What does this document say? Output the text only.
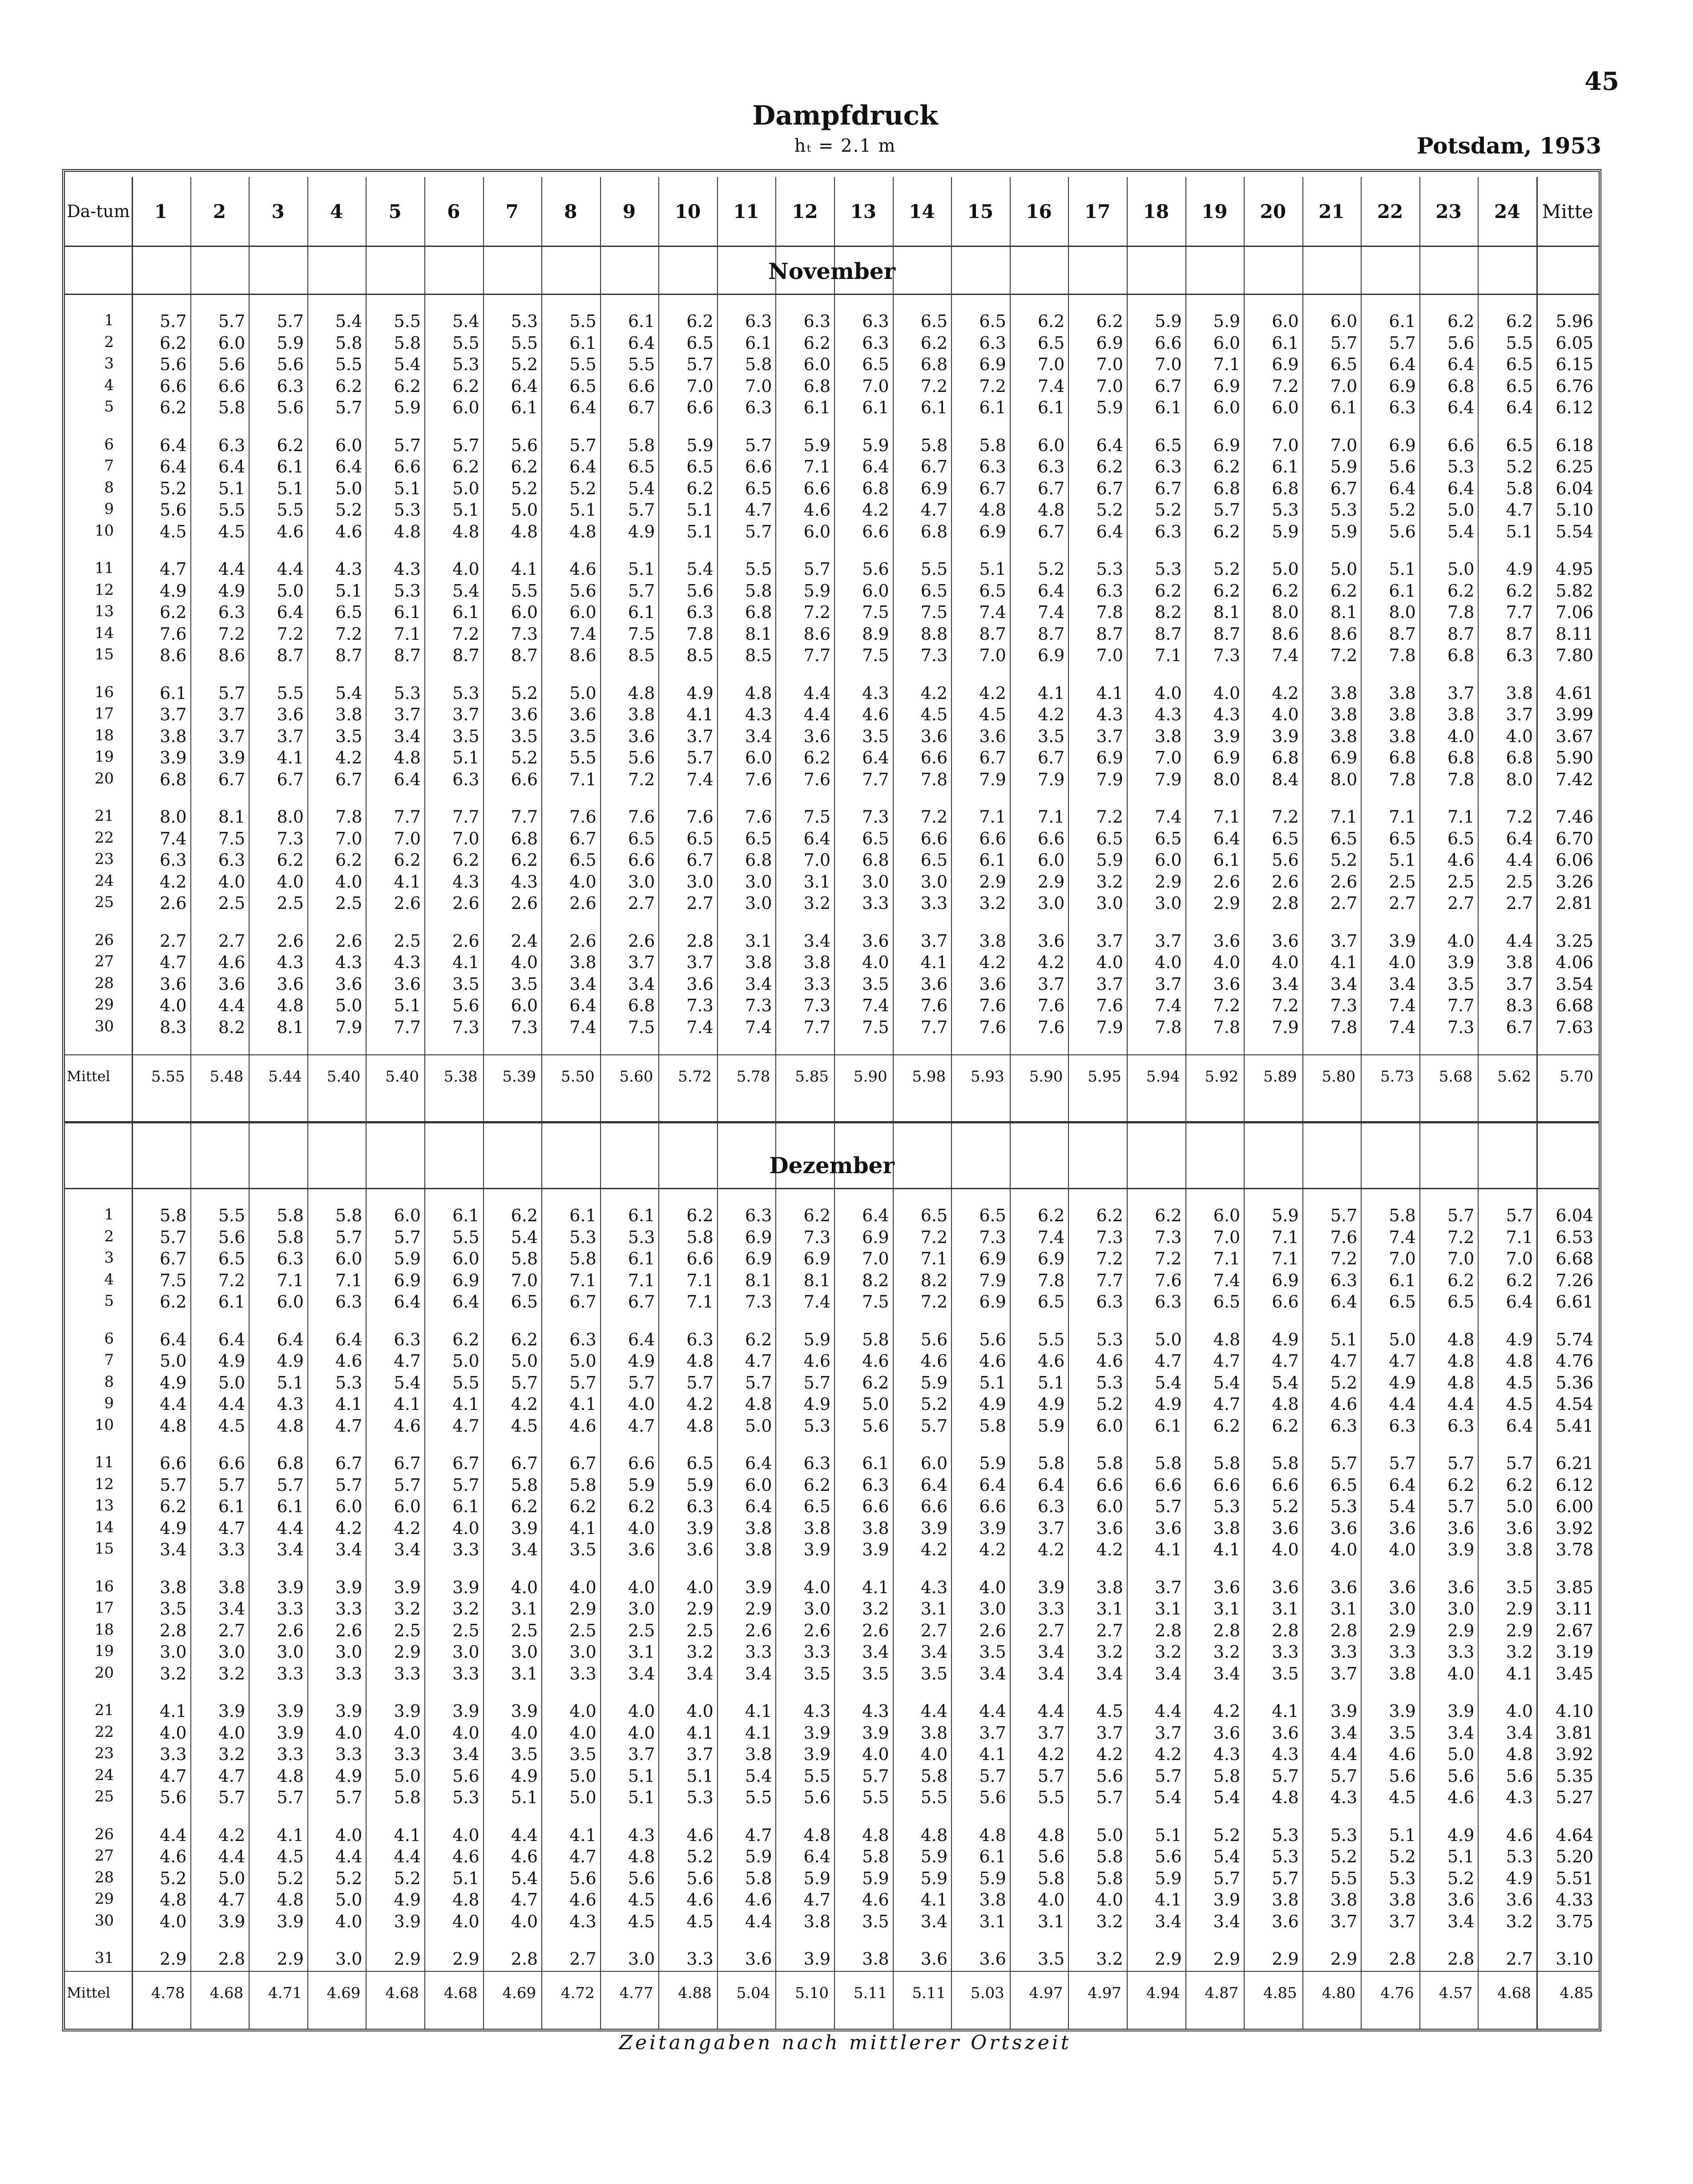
45
Dampfdruck
hₜ = 2.1 m	Potsdam, 1953
Da-tum	1	2	3	4	5	6	7	8	9	10	11	12	13	14	15	16	17	18	19	20	21	22	23	24	Mitte
November
1	5.7	5.7	5.7	5.4	5.5	5.4	5.3	5.5	6.1	6.2	6.3	6.3	6.3	6.5	6.5	6.2	6.2	5.9	5.9	6.0	6.0	6.1	6.2	6.2	5.96
2	6.2	6.0	5.9	5.8	5.8	5.5	5.5	6.1	6.4	6.5	6.1	6.2	6.3	6.2	6.3	6.5	6.9	6.6	6.0	6.1	5.7	5.7	5.6	5.5	6.05
3	5.6	5.6	5.6	5.5	5.4	5.3	5.2	5.5	5.5	5.7	5.8	6.0	6.5	6.8	6.9	7.0	7.0	7.0	7.1	6.9	6.5	6.4	6.4	6.5	6.15
4	6.6	6.6	6.3	6.2	6.2	6.2	6.4	6.5	6.6	7.0	7.0	6.8	7.0	7.2	7.2	7.4	7.0	6.7	6.9	7.2	7.0	6.9	6.8	6.5	6.76
5	6.2	5.8	5.6	5.7	5.9	6.0	6.1	6.4	6.7	6.6	6.3	6.1	6.1	6.1	6.1	6.1	5.9	6.1	6.0	6.0	6.1	6.3	6.4	6.4	6.12
6	6.4	6.3	6.2	6.0	5.7	5.7	5.6	5.7	5.8	5.9	5.7	5.9	5.9	5.8	5.8	6.0	6.4	6.5	6.9	7.0	7.0	6.9	6.6	6.5	6.18
7	6.4	6.4	6.1	6.4	6.6	6.2	6.2	6.4	6.5	6.5	6.6	7.1	6.4	6.7	6.3	6.3	6.2	6.3	6.2	6.1	5.9	5.6	5.3	5.2	6.25
8	5.2	5.1	5.1	5.0	5.1	5.0	5.2	5.2	5.4	6.2	6.5	6.6	6.8	6.9	6.7	6.7	6.7	6.7	6.8	6.8	6.7	6.4	6.4	5.8	6.04
9	5.6	5.5	5.5	5.2	5.3	5.1	5.0	5.1	5.7	5.1	4.7	4.6	4.2	4.7	4.8	4.8	5.2	5.2	5.7	5.3	5.3	5.2	5.0	4.7	5.10
10	4.5	4.5	4.6	4.6	4.8	4.8	4.8	4.8	4.9	5.1	5.7	6.0	6.6	6.8	6.9	6.7	6.4	6.3	6.2	5.9	5.9	5.6	5.4	5.1	5.54
11	4.7	4.4	4.4	4.3	4.3	4.0	4.1	4.6	5.1	5.4	5.5	5.7	5.6	5.5	5.1	5.2	5.3	5.3	5.2	5.0	5.0	5.1	5.0	4.9	4.95
12	4.9	4.9	5.0	5.1	5.3	5.4	5.5	5.6	5.7	5.6	5.8	5.9	6.0	6.5	6.5	6.4	6.3	6.2	6.2	6.2	6.2	6.1	6.2	6.2	5.82
13	6.2	6.3	6.4	6.5	6.1	6.1	6.0	6.0	6.1	6.3	6.8	7.2	7.5	7.5	7.4	7.4	7.8	8.2	8.1	8.0	8.1	8.0	7.8	7.7	7.06
14	7.6	7.2	7.2	7.2	7.1	7.2	7.3	7.4	7.5	7.8	8.1	8.6	8.9	8.8	8.7	8.7	8.7	8.7	8.7	8.6	8.6	8.7	8.7	8.7	8.11
15	8.6	8.6	8.7	8.7	8.7	8.7	8.7	8.6	8.5	8.5	8.5	7.7	7.5	7.3	7.0	6.9	7.0	7.1	7.3	7.4	7.2	7.8	6.8	6.3	7.80
16	6.1	5.7	5.5	5.4	5.3	5.3	5.2	5.0	4.8	4.9	4.8	4.4	4.3	4.2	4.2	4.1	4.1	4.0	4.0	4.2	3.8	3.8	3.7	3.8	4.61
17	3.7	3.7	3.6	3.8	3.7	3.7	3.6	3.6	3.8	4.1	4.3	4.4	4.6	4.5	4.5	4.2	4.3	4.3	4.3	4.0	3.8	3.8	3.8	3.7	3.99
18	3.8	3.7	3.7	3.5	3.4	3.5	3.5	3.5	3.6	3.7	3.4	3.6	3.5	3.6	3.6	3.5	3.7	3.8	3.9	3.9	3.8	3.8	4.0	4.0	3.67
19	3.9	3.9	4.1	4.2	4.8	5.1	5.2	5.5	5.6	5.7	6.0	6.2	6.4	6.6	6.7	6.7	6.9	7.0	6.9	6.8	6.9	6.8	6.8	6.8	5.90
20	6.8	6.7	6.7	6.7	6.4	6.3	6.6	7.1	7.2	7.4	7.6	7.6	7.7	7.8	7.9	7.9	7.9	7.9	8.0	8.4	8.0	7.8	7.8	8.0	7.42
21	8.0	8.1	8.0	7.8	7.7	7.7	7.7	7.6	7.6	7.6	7.6	7.5	7.3	7.2	7.1	7.1	7.2	7.4	7.1	7.2	7.1	7.1	7.1	7.2	7.46
22	7.4	7.5	7.3	7.0	7.0	7.0	6.8	6.7	6.5	6.5	6.5	6.4	6.5	6.6	6.6	6.6	6.5	6.5	6.4	6.5	6.5	6.5	6.5	6.4	6.70
23	6.3	6.3	6.2	6.2	6.2	6.2	6.2	6.5	6.6	6.7	6.8	7.0	6.8	6.5	6.1	6.0	5.9	6.0	6.1	5.6	5.2	5.1	4.6	4.4	6.06
24	4.2	4.0	4.0	4.0	4.1	4.3	4.3	4.0	3.0	3.0	3.0	3.1	3.0	3.0	2.9	2.9	3.2	2.9	2.6	2.6	2.6	2.5	2.5	2.5	3.26
25	2.6	2.5	2.5	2.5	2.6	2.6	2.6	2.6	2.7	2.7	3.0	3.2	3.3	3.3	3.2	3.0	3.0	3.0	2.9	2.8	2.7	2.7	2.7	2.7	2.81
26	2.7	2.7	2.6	2.6	2.5	2.6	2.4	2.6	2.6	2.8	3.1	3.4	3.6	3.7	3.8	3.6	3.7	3.7	3.6	3.6	3.7	3.9	4.0	4.4	3.25
27	4.7	4.6	4.3	4.3	4.3	4.1	4.0	3.8	3.7	3.7	3.8	3.8	4.0	4.1	4.2	4.2	4.0	4.0	4.0	4.0	4.1	4.0	3.9	3.8	4.06
28	3.6	3.6	3.6	3.6	3.6	3.5	3.5	3.4	3.4	3.6	3.4	3.3	3.5	3.6	3.6	3.7	3.7	3.7	3.6	3.4	3.4	3.4	3.5	3.7	3.54
29	4.0	4.4	4.8	5.0	5.1	5.6	6.0	6.4	6.8	7.3	7.3	7.3	7.4	7.6	7.6	7.6	7.6	7.4	7.2	7.2	7.3	7.4	7.7	8.3	6.68
30	8.3	8.2	8.1	7.9	7.7	7.3	7.3	7.4	7.5	7.4	7.4	7.7	7.5	7.7	7.6	7.6	7.9	7.8	7.8	7.9	7.8	7.4	7.3	6.7	7.63
Mittel	5.55	5.48	5.44	5.40	5.40	5.38	5.39	5.50	5.60	5.72	5.78	5.85	5.90	5.98	5.93	5.90	5.95	5.94	5.92	5.89	5.80	5.73	5.68	5.62	5.70
Dezember
1	5.8	5.5	5.8	5.8	6.0	6.1	6.2	6.1	6.1	6.2	6.3	6.2	6.4	6.5	6.5	6.2	6.2	6.2	6.0	5.9	5.7	5.8	5.7	5.7	6.04
2	5.7	5.6	5.8	5.7	5.7	5.5	5.4	5.3	5.3	5.8	6.9	7.3	6.9	7.2	7.3	7.4	7.3	7.3	7.0	7.1	7.6	7.4	7.2	7.1	6.53
3	6.7	6.5	6.3	6.0	5.9	6.0	5.8	5.8	6.1	6.6	6.9	6.9	7.0	7.1	6.9	6.9	7.2	7.2	7.1	7.1	7.2	7.0	7.0	7.0	6.68
4	7.5	7.2	7.1	7.1	6.9	6.9	7.0	7.1	7.1	7.1	8.1	8.1	8.2	8.2	7.9	7.8	7.7	7.6	7.4	6.9	6.3	6.1	6.2	6.2	7.26
5	6.2	6.1	6.0	6.3	6.4	6.4	6.5	6.7	6.7	7.1	7.3	7.4	7.5	7.2	6.9	6.5	6.3	6.3	6.5	6.6	6.4	6.5	6.5	6.4	6.61
6	6.4	6.4	6.4	6.4	6.3	6.2	6.2	6.3	6.4	6.3	6.2	5.9	5.8	5.6	5.6	5.5	5.3	5.0	4.8	4.9	5.1	5.0	4.8	4.9	5.74
7	5.0	4.9	4.9	4.6	4.7	5.0	5.0	5.0	4.9	4.8	4.7	4.6	4.6	4.6	4.6	4.6	4.6	4.7	4.7	4.7	4.7	4.7	4.8	4.8	4.76
8	4.9	5.0	5.1	5.3	5.4	5.5	5.7	5.7	5.7	5.7	5.7	5.7	6.2	5.9	5.1	5.1	5.3	5.4	5.4	5.4	5.2	4.9	4.8	4.5	5.36
9	4.4	4.4	4.3	4.1	4.1	4.1	4.2	4.1	4.0	4.2	4.8	4.9	5.0	5.2	4.9	4.9	5.2	4.9	4.7	4.8	4.6	4.4	4.4	4.5	4.54
10	4.8	4.5	4.8	4.7	4.6	4.7	4.5	4.6	4.7	4.8	5.0	5.3	5.6	5.7	5.8	5.9	6.0	6.1	6.2	6.2	6.3	6.3	6.3	6.4	5.41
11	6.6	6.6	6.8	6.7	6.7	6.7	6.7	6.7	6.6	6.5	6.4	6.3	6.1	6.0	5.9	5.8	5.8	5.8	5.8	5.8	5.7	5.7	5.7	5.7	6.21
12	5.7	5.7	5.7	5.7	5.7	5.7	5.8	5.8	5.9	5.9	6.0	6.2	6.3	6.4	6.4	6.4	6.6	6.6	6.6	6.6	6.5	6.4	6.2	6.2	6.12
13	6.2	6.1	6.1	6.0	6.0	6.1	6.2	6.2	6.2	6.3	6.4	6.5	6.6	6.6	6.6	6.3	6.0	5.7	5.3	5.2	5.3	5.4	5.7	5.0	6.00
14	4.9	4.7	4.4	4.2	4.2	4.0	3.9	4.1	4.0	3.9	3.8	3.8	3.8	3.9	3.9	3.7	3.6	3.6	3.8	3.6	3.6	3.6	3.6	3.6	3.92
15	3.4	3.3	3.4	3.4	3.4	3.3	3.4	3.5	3.6	3.6	3.8	3.9	3.9	4.2	4.2	4.2	4.2	4.1	4.1	4.0	4.0	4.0	3.9	3.8	3.78
16	3.8	3.8	3.9	3.9	3.9	3.9	4.0	4.0	4.0	4.0	3.9	4.0	4.1	4.3	4.0	3.9	3.8	3.7	3.6	3.6	3.6	3.6	3.6	3.5	3.85
17	3.5	3.4	3.3	3.3	3.2	3.2	3.1	2.9	3.0	2.9	2.9	3.0	3.2	3.1	3.0	3.3	3.1	3.1	3.1	3.1	3.1	3.0	3.0	2.9	3.11
18	2.8	2.7	2.6	2.6	2.5	2.5	2.5	2.5	2.5	2.5	2.6	2.6	2.6	2.7	2.6	2.7	2.7	2.8	2.8	2.8	2.8	2.9	2.9	2.9	2.67
19	3.0	3.0	3.0	3.0	2.9	3.0	3.0	3.0	3.1	3.2	3.3	3.3	3.4	3.4	3.5	3.4	3.2	3.2	3.2	3.3	3.3	3.3	3.3	3.2	3.19
20	3.2	3.2	3.3	3.3	3.3	3.3	3.1	3.3	3.4	3.4	3.4	3.5	3.5	3.5	3.4	3.4	3.4	3.4	3.4	3.5	3.7	3.8	4.0	4.1	3.45
21	4.1	3.9	3.9	3.9	3.9	3.9	3.9	4.0	4.0	4.0	4.1	4.3	4.3	4.4	4.4	4.4	4.5	4.4	4.2	4.1	3.9	3.9	3.9	4.0	4.10
22	4.0	4.0	3.9	4.0	4.0	4.0	4.0	4.0	4.0	4.1	4.1	3.9	3.9	3.8	3.7	3.7	3.7	3.7	3.6	3.6	3.4	3.5	3.4	3.4	3.81
23	3.3	3.2	3.3	3.3	3.3	3.4	3.5	3.5	3.7	3.7	3.8	3.9	4.0	4.0	4.1	4.2	4.2	4.2	4.3	4.3	4.4	4.6	5.0	4.8	3.92
24	4.7	4.7	4.8	4.9	5.0	5.6	4.9	5.0	5.1	5.1	5.4	5.5	5.7	5.8	5.7	5.7	5.6	5.7	5.8	5.7	5.7	5.6	5.6	5.6	5.35
25	5.6	5.7	5.7	5.7	5.8	5.3	5.1	5.0	5.1	5.3	5.5	5.6	5.5	5.5	5.6	5.5	5.7	5.4	5.4	4.8	4.3	4.5	4.6	4.3	5.27
26	4.4	4.2	4.1	4.0	4.1	4.0	4.4	4.1	4.3	4.6	4.7	4.8	4.8	4.8	4.8	4.8	5.0	5.1	5.2	5.3	5.3	5.1	4.9	4.6	4.64
27	4.6	4.4	4.5	4.4	4.4	4.6	4.6	4.7	4.8	5.2	5.9	6.4	5.8	5.9	6.1	5.6	5.8	5.6	5.4	5.3	5.2	5.2	5.1	5.3	5.20
28	5.2	5.0	5.2	5.2	5.2	5.1	5.4	5.6	5.6	5.6	5.8	5.9	5.9	5.9	5.9	5.8	5.8	5.9	5.7	5.7	5.5	5.3	5.2	4.9	5.51
29	4.8	4.7	4.8	5.0	4.9	4.8	4.7	4.6	4.5	4.6	4.6	4.7	4.6	4.1	3.8	4.0	4.0	4.1	3.9	3.8	3.8	3.8	3.6	3.6	4.33
30	4.0	3.9	3.9	4.0	3.9	4.0	4.0	4.3	4.5	4.5	4.4	3.8	3.5	3.4	3.1	3.1	3.2	3.4	3.4	3.6	3.7	3.7	3.4	3.2	3.75
31	2.9	2.8	2.9	3.0	2.9	2.9	2.8	2.7	3.0	3.3	3.6	3.9	3.8	3.6	3.6	3.5	3.2	2.9	2.9	2.9	2.9	2.8	2.8	2.7	3.10
Mittel	4.78	4.68	4.71	4.69	4.68	4.68	4.69	4.72	4.77	4.88	5.04	5.10	5.11	5.11	5.03	4.97	4.97	4.94	4.87	4.85	4.80	4.76	4.57	4.68	4.85
Zeitangaben nach mittlerer Ortszeit
